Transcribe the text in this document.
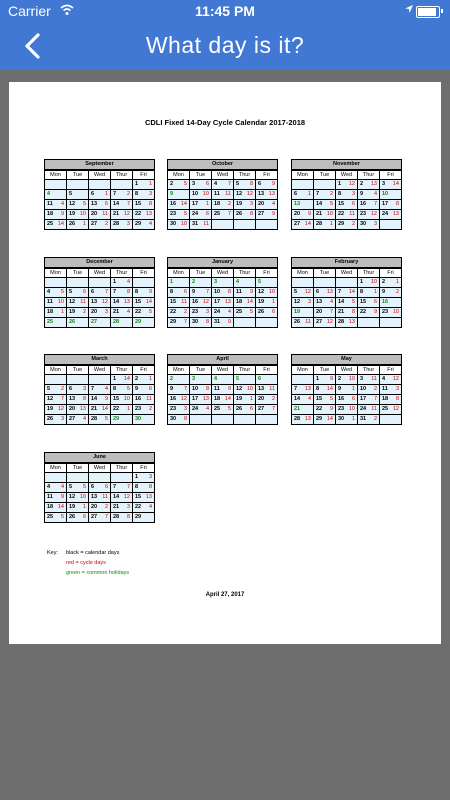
Carrier	11:45 PM
What day is it?
CDLI Fixed 14-Day Cycle Calendar 2017-2018
September
Mon	Tue	Wed	Thur	Fri

				1 1

4	5	6 1	7 2	8 3

11 4	12 5	13 6	14 7	15 8

18 9	19 10	20 11	21 12	22 13

25 14	26 1	27 2	28 3	29 4
October
Mon	Tue	Wed	Thur	Fri

2 5	3 6	4 7	5 8	6 9

9	10 10	11 11	12 12	13 13

16 14	17 1	18 2	19 3	20 4

23 5	24 6	25 7	26 8	27 9

30 10	31 11			

November
Mon	Tue	Wed	Thur	Fri

		1 12	2 13	3 14

6 1	7 2	8 3	9 4	10

13	14 5	15 6	16 7	17 8

20 9	21 10	22 11	23 12	24 13

27 14	28 1	29 2	30 3	

December
Mon	Tue	Wed	Thur	Fri

			1 4	

4 5	5 6	6 7	7 8	8 9

11 10	12 11	13 12	14 13	15 14

18 1	19 2	20 3	21 4	22 5

25	26	27	28	29
January
Mon	Tue	Wed	Thur	Fri

1	2	3	4	5

8 6	9 7	10 8	11 9	12 10

15 11	16 12	17 13	18 14	19 1

22 2	23 3	24 4	25 5	26 6

29 7	30 8	31 9		

February
Mon	Tue	Wed	Thur	Fri

			1 10	2 1

5 12	6 13	7 14	8 1	9 2

12 3	13 4	14 5	15 6	16

19	20 7	21 8	22 9	23 10

26 11	27 12	28 13		

March
Mon	Tue	Wed	Thur	Fri

			1 14	2 1

5 2	6 3	7 4	8 5	9 6

12 7	13 8	14 9	15 10	16 11

19 12	20 13	21 14	22 1	23 2

26 3	27 4	28 5	29	30
April
Mon	Tue	Wed	Thur	Fri

2	3	4	5	6

9 7	10 8	11 9	12 10	13 11

16 12	17 13	18 14	19 1	20 2

23 3	24 4	25 5	26 6	27 7

30 8				

May
Mon	Tue	Wed	Thur	Fri

	1 9	2 10	3 11	4 12

7 13	8 14	9 1	10 2	11 3

14 4	15 5	16 6	17 7	18 8

21	22 9	23 10	24 11	25 12

28 13	29 14	30 1	31 2	

June
Mon	Tue	Wed	Thur	Fri

				1 3

4 4	5 5	6 6	7 7	8 8

11 9	12 10	13 11	14 12	15 13

18 14	19 1	20 2	21 3	22 4

25 5	26 6	27 7	28 8	29
Key: black = calendar days
red = cycle days
green = common holidays
April 27, 2017
